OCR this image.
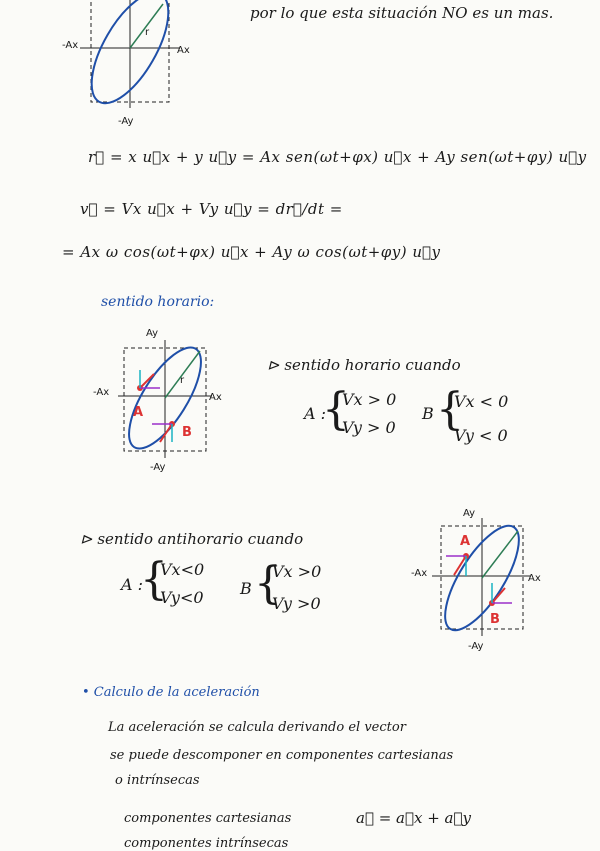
por lo que esta situación NO es un mas.
-Ax	Ax
-Ay
r
r⃗ = x u⃗x + y u⃗y = Ax sen(ωt+φx) u⃗x + Ay sen(ωt+φy) u⃗y
v⃗ = Vx u⃗x + Vy u⃗y = dr⃗/dt =
= Ax ω cos(ωt+φx) u⃗x + Ay ω cos(ωt+φy) u⃗y
sentido horario:
Ay
-Ax	Ax
-Ay
r
A
B
⊳ sentido horario cuando
A :
{
Vx > 0
Vy > 0
B {
Vx < 0
Vy < 0
⊳ sentido antihorario cuando
A :
{
Vx<0
Vy<0 B {
Vx >0
Vy >0
Ay
-Ax	Ax
-Ay
A
B
• Calculo de la aceleración
La aceleración se calcula derivando el vector
se puede descomponer en componentes cartesianas
o intrínsecas
componentes cartesianas	a⃗ = a⃗x + a⃗y
componentes intrínsecas
